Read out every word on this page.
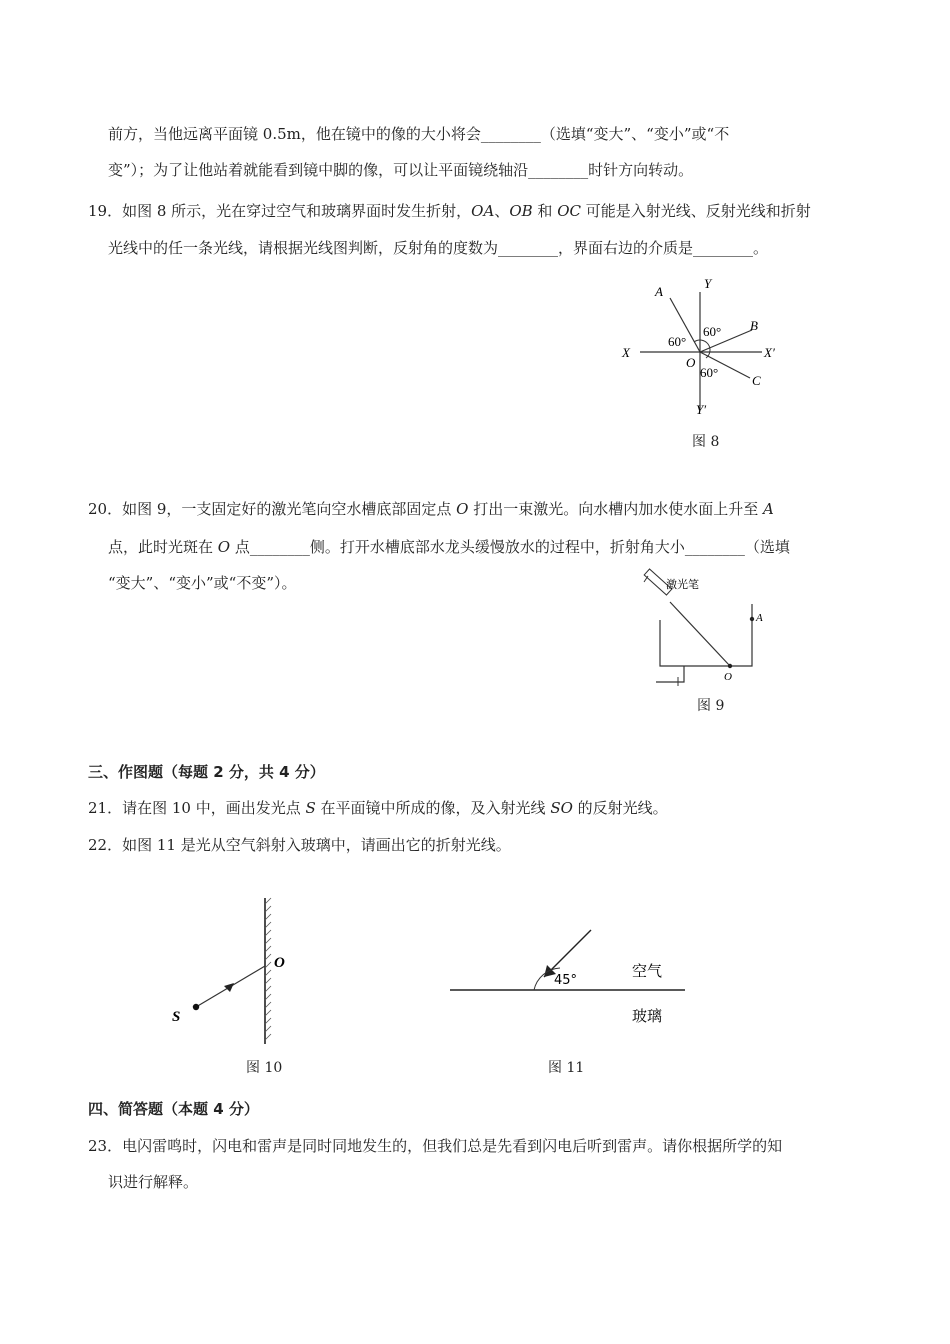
前方，当他远离平面镜 0.5m，他在镜中的像的大小将会________（选填“变大”、“变小”或“不
变”）；为了让他站着就能看到镜中脚的像，可以让平面镜绕轴沿________时针方向转动。
19．如图 8 所示，光在穿过空气和玻璃界面时发生折射，OA、OB 和 OC 可能是入射光线、反射光线和折射
光线中的任一条光线，请根据光线图判断，反射角的度数为________，界面右边的介质是________。
A
Y
60° B
X
60°
X′
O
60°
C
Y′
图 8
20．如图 9，一支固定好的激光笔向空水槽底部固定点 O 打出一束激光。向水槽内加水使水面上升至 A
点，此时光斑在 O 点________侧。打开水槽底部水龙头缓慢放水的过程中，折射角大小________（选填
“变大”、“变小”或“不变”）。	激光笔
A
O
图 9
三、作图题（每题 2 分，共 4 分）
21．请在图 10 中，画出发光点 S 在平面镜中所成的像，及入射光线 SO 的反射光线。
22．如图 11 是光从空气斜射入玻璃中，请画出它的折射光线。
O
S
图 10
45°
空气
玻璃
图 11
四、简答题（本题 4 分）
23．电闪雷鸣时，闪电和雷声是同时同地发生的，但我们总是先看到闪电后听到雷声。请你根据所学的知
识进行解释。
